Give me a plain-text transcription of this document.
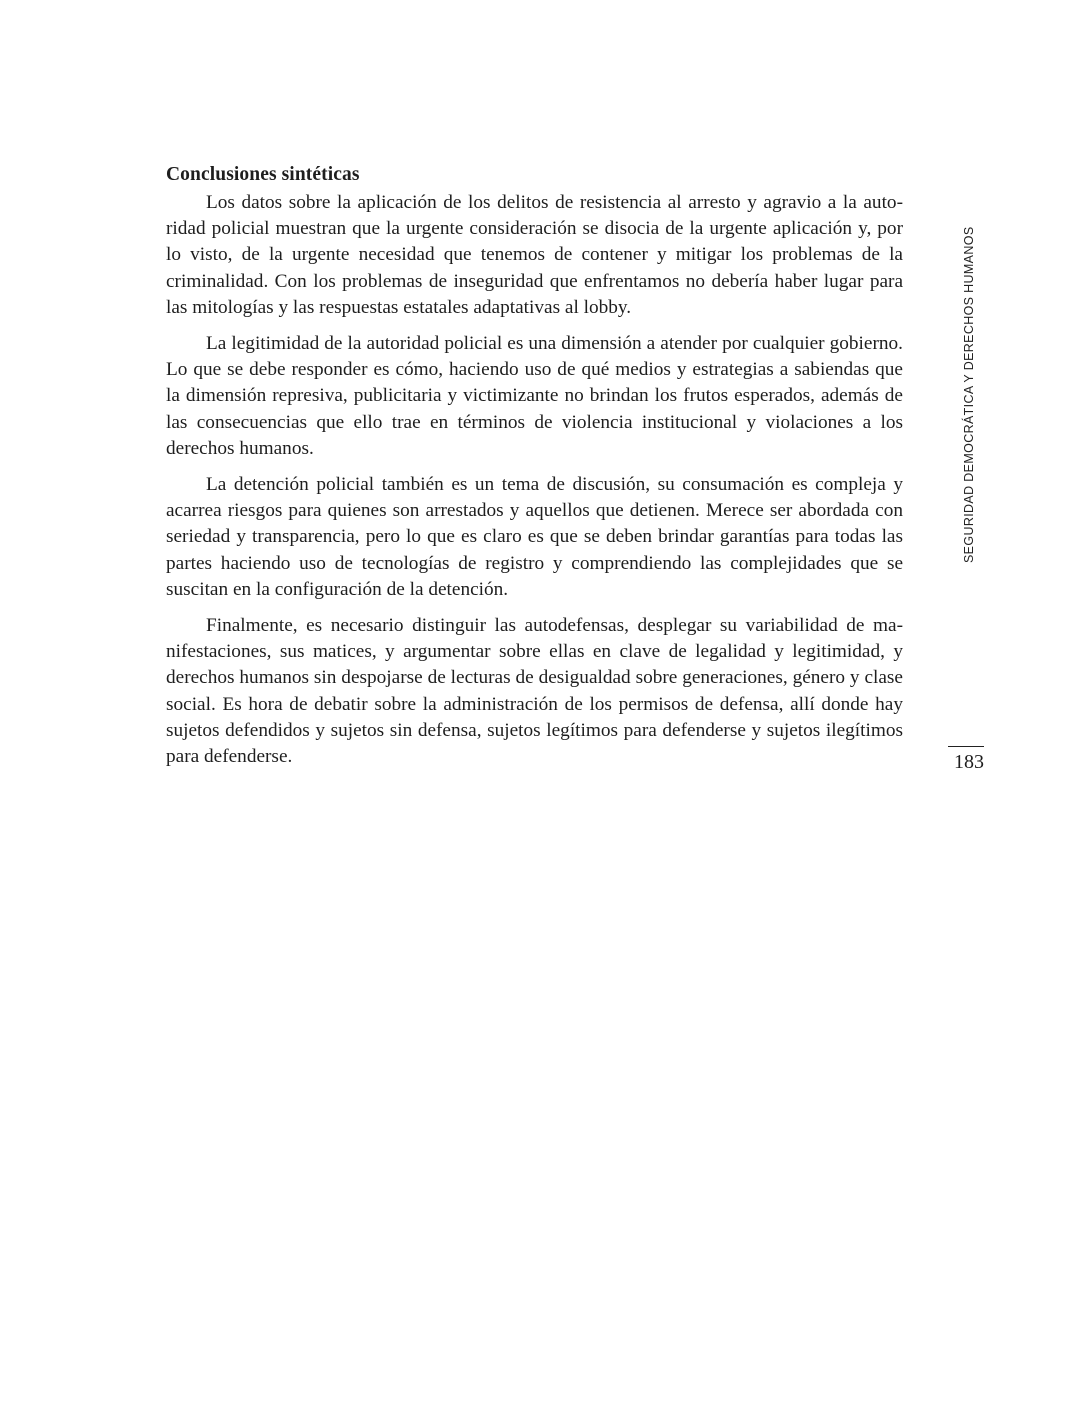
Conclusiones sintéticas

Los datos sobre la aplicación de los delitos de resistencia al arresto y agravio a la autoridad policial muestran que la urgente consideración se disocia de la urgente aplicación y, por lo visto, de la urgente necesidad que tenemos de contener y mitigar los problemas de la criminalidad. Con los problemas de inseguridad que enfrentamos no debería haber lugar para las mitologías y las respuestas estatales adaptativas al lobby.

La legitimidad de la autoridad policial es una dimensión a atender por cualquier gobierno. Lo que se debe responder es cómo, haciendo uso de qué medios y estrategias a sabiendas que la dimensión represiva, publicitaria y victimizante no brindan los frutos esperados, además de las consecuencias que ello trae en términos de violencia institucional y violaciones a los derechos humanos.

La detención policial también es un tema de discusión, su consumación es compleja y acarrea riesgos para quienes son arrestados y aquellos que detienen. Merece ser abordada con seriedad y transparencia, pero lo que es claro es que se deben brindar garantías para todas las partes haciendo uso de tecnologías de registro y comprendiendo las complejidades que se suscitan en la configuración de la detención.

Finalmente, es necesario distinguir las autodefensas, desplegar su variabilidad de manifestaciones, sus matices, y argumentar sobre ellas en clave de legalidad y legitimidad, y derechos humanos sin despojarse de lecturas de desigualdad sobre generaciones, género y clase social. Es hora de debatir sobre la administración de los permisos de defensa, allí donde hay sujetos defendidos y sujetos sin defensa, sujetos legítimos para defenderse y sujetos ilegítimos para defenderse.

SEGURIDAD DEMOCRÁTICA Y DERECHOS HUMANOS
183
